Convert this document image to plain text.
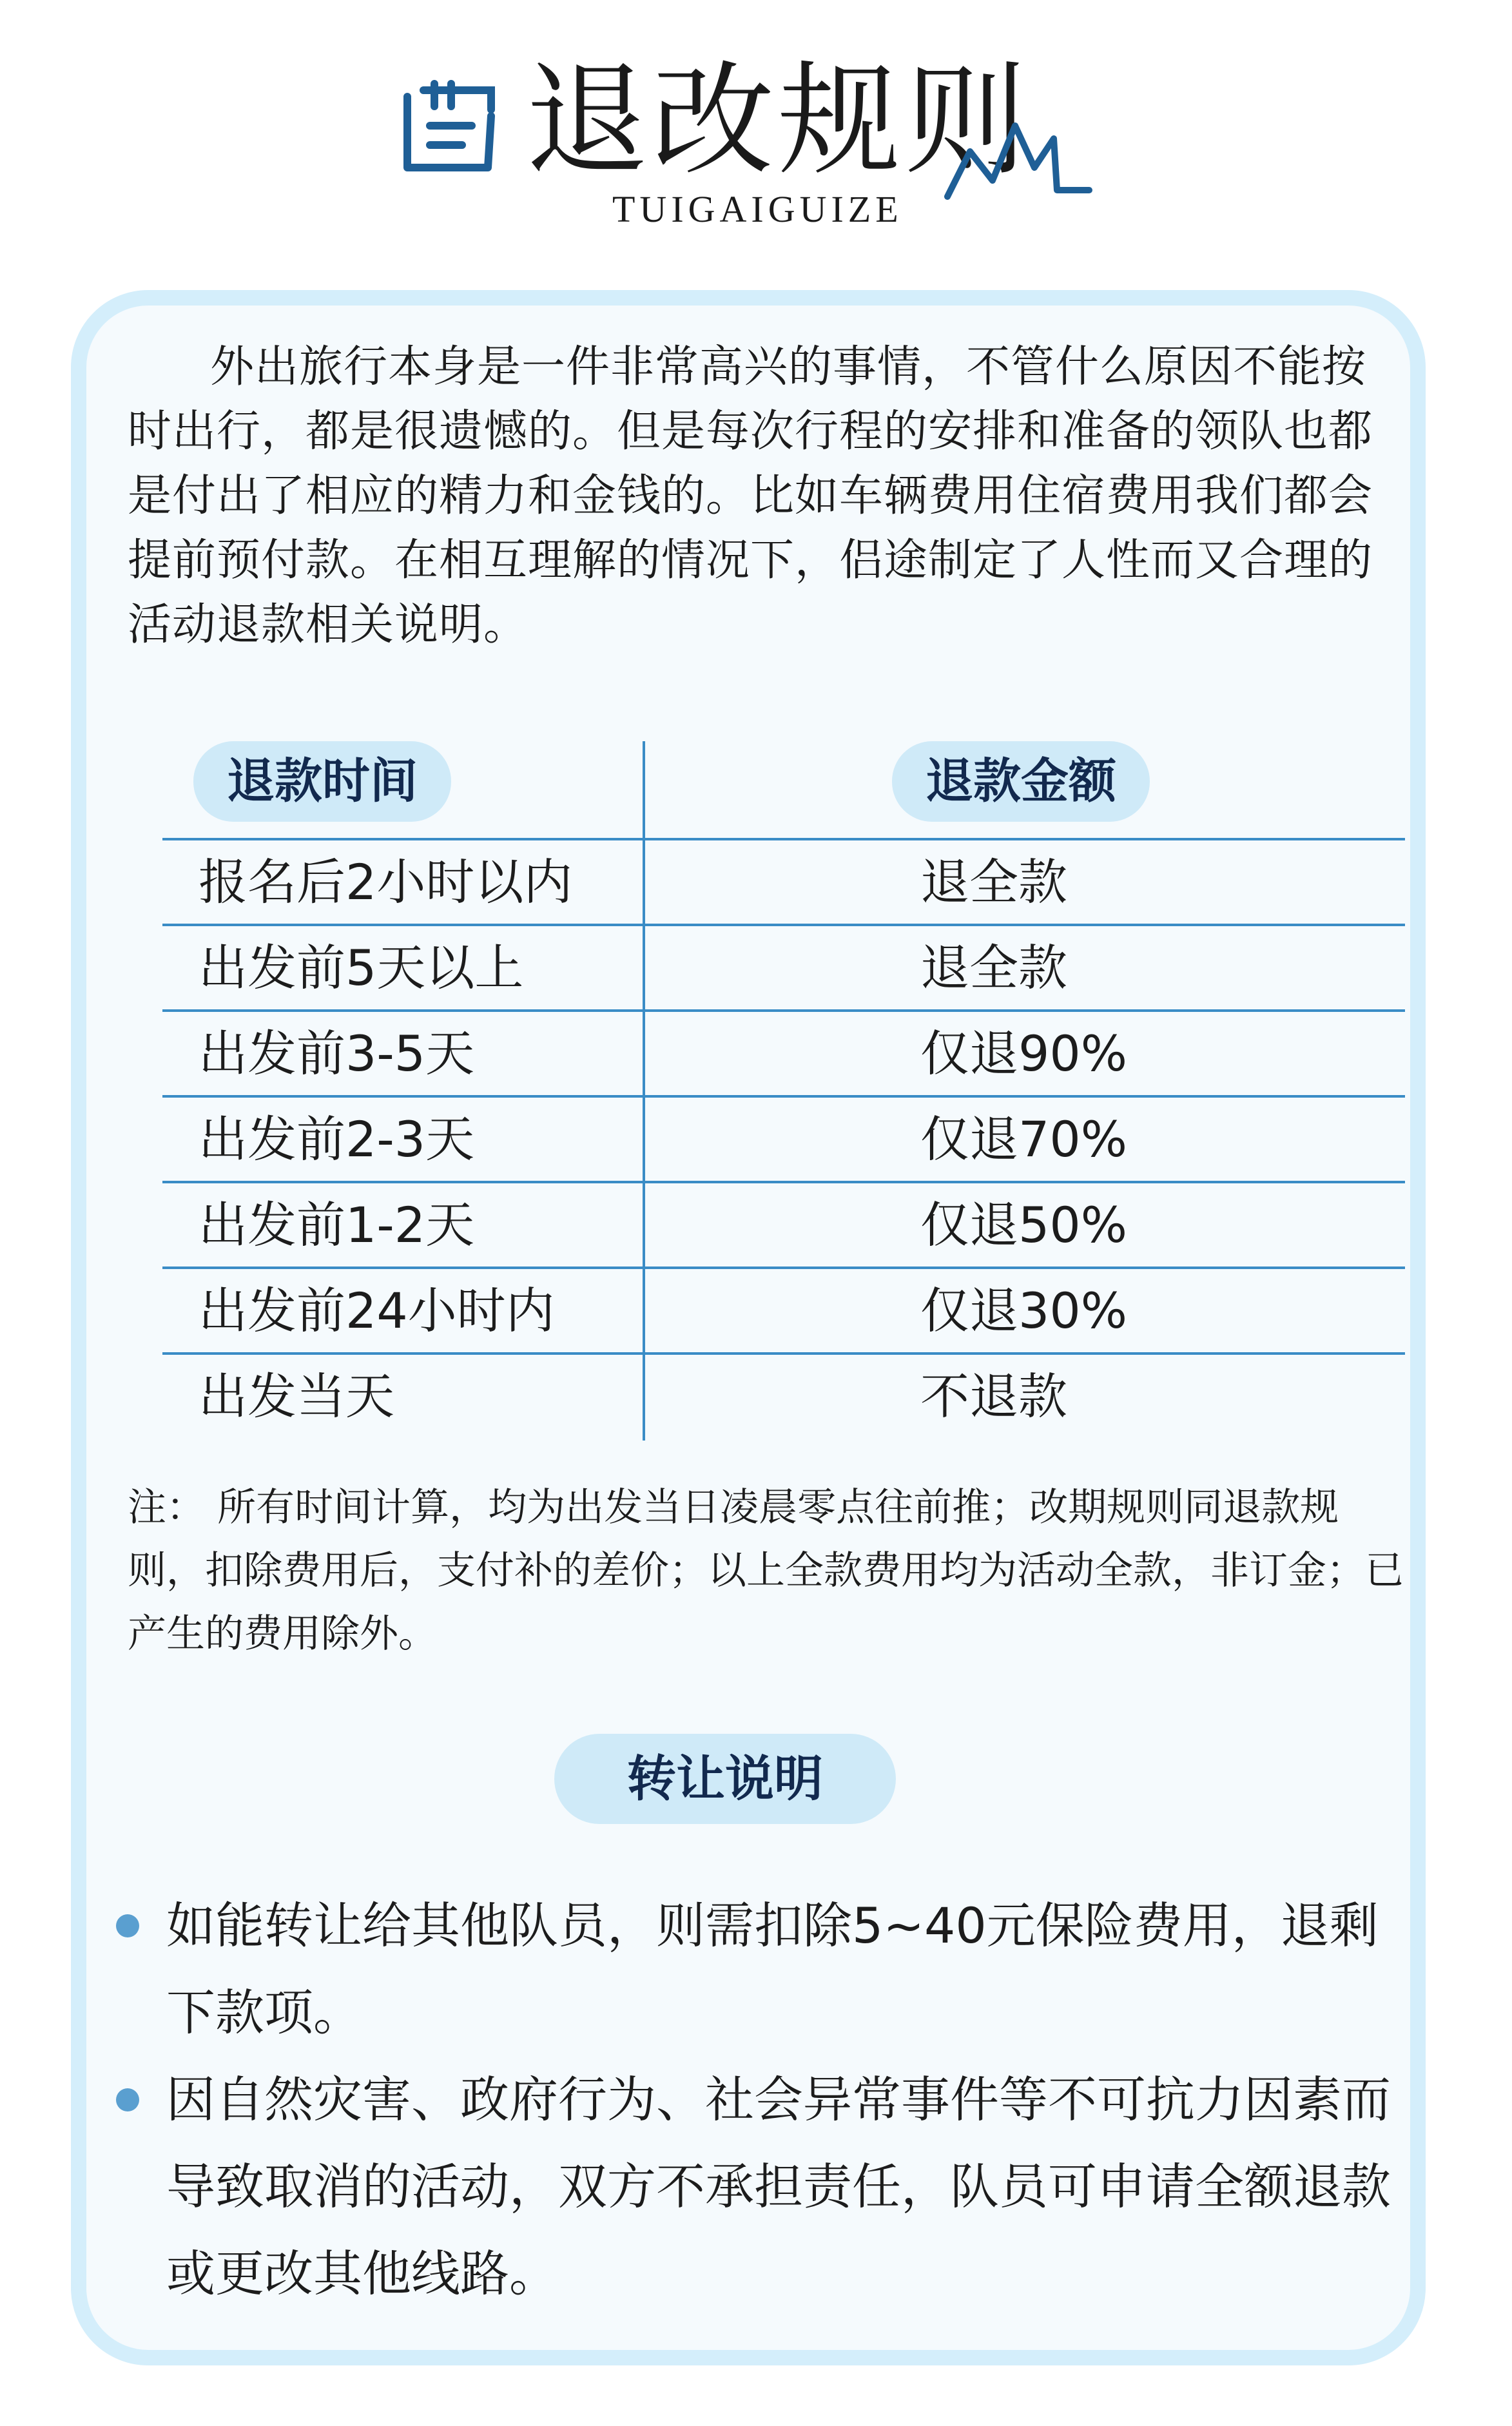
退改规则
TUIGAIGUIZE

外出旅行本身是一件非常高兴的事情，不管什么原因不能按时出行，都是很遗憾的。但是每次行程的安排和准备的领队也都是付出了相应的精力和金钱的。比如车辆费用住宿费用我们都会提前预付款。在相互理解的情况下，侣途制定了人性而又合理的活动退款相关说明。

退款时间	退款金额
报名后2小时以内	退全款
出发前5天以上	退全款
出发前3-5天	仅退90%
出发前2-3天	仅退70%
出发前1-2天	仅退50%
出发前24小时内	仅退30%
出发当天	不退款

注： 所有时间计算，均为出发当日凌晨零点往前推；改期规则同退款规则，扣除费用后，支付补的差价；以上全款费用均为活动全款，非订金；已产生的费用除外。

转让说明
如能转让给其他队员，则需扣除5~40元保险费用，退剩下款项。
因自然灾害、政府行为、社会异常事件等不可抗力因素而导致取消的活动，双方不承担责任，队员可申请全额退款或更改其他线路。
